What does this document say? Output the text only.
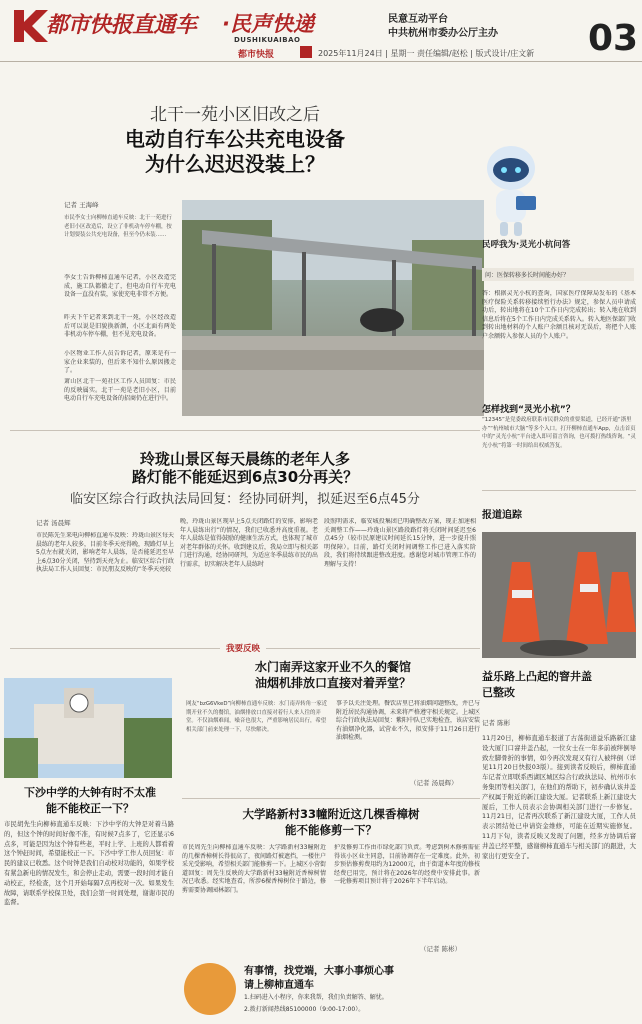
都市快报直通车 ·民声快递	民意互动平台
中共杭州市委办公厅主办
DUSHIKUAIBAO
都市快报	2025年11月24日 | 星期一 责任编辑/赵松 | 版式设计/庄文新 03
北干一苑小区旧改之后
电动自行车公共充电设备
为什么迟迟没装上？
记者 王海峰
市民李女士向柳柿直通车反映：北干一苑进行老旧小区改造后，设立了非机动车停车棚，按计划要装公共充电设备，但至今仍未装……
李女士告诉柳柿直通车记者，小区改造完成，施工队都撤走了，但电动自行车充电设备一直没有装，家使充电非常不方便。
昨天下午记者来到北干一苑，小区经改造后可以说是旧貌换新颜，小区北面有两处非机动车停车棚，但不见充电设备。
小区物业工作人员告诉记者，原来是有一家企业来装的，但后来不知什么原因搬走了。
萧山区北干一苑社区工作人员回复：市民的反映属实。北干一苑是老旧小区，目前电动自行车充电设备的招商仍在进行中。
民呼我为·灵光小杭问答
问：医保转移多长时间能办好？
答：根据灵光小杭的查询，国家医疗保障局发布的《基本医疗保险关系转移接续暂行办法》规定，参保人员申请成功后，转出地将在10个工作日内完成转出；转入地在收到信息后将在5个工作日内完成关系转入。转入地医保部门收到转出地材料的个人账户余额且核对无误后，将把个人账户余额转入参保人员的个人账户。
怎样找到“灵光小杭”？
“12345”是党委政府联系市民群众的重要渠道，已经开通“浙里办”“杭州城市大脑”等多个入口。打开柳柿直通车App，点击首页中的“灵光小杭”平台进入即可留言咨询，也可拨打热线咨询。“灵光小杭”将第一时间给出权威答复。
报道追踪
益乐路上凸起的窨井盖
已整改
记者 陈彬
11月20日，柳柿直通车报道了古荡街道益乐路新江建设大厦门口窨井盖凸起，一位女士在一年多前被绊倒导致左脚骨折的事情，如今再次发现又有行人被绊倒（详见11月20日快报03版）。接到读者反映后，柳柿直通车记者立即联系西湖区城区综合行政执法局、杭州市水务集团等相关部门，在他们的帮助下，初步确认该井盖产权属于附近的新江建设大厦。记者联系上新江建设大厦后，工作人员表示会协调相关部门进行一步修复。11月21日，记者再次联系了新江建设大厦，工作人员表示团结处已申请资金维修，可能在近期实施修复。11月下旬，读者反映又发现了问题，经多方协调后窨井盖已经平整，感谢柳柿直通车与相关部门的跟进，大家出行更安全了。
玲珑山景区每天晨练的老年人多
路灯能不能延迟到6点30分再关？
临安区综合行政执法局回复：经协同研判，拟延迟至6点45分
记者 汤晨辉
市民陈先生来电向柳柿直通车反映：玲珑山景区每天晨练的老年人较多，目前冬季天亮得晚，现路灯早上5点左右就关闭，影响老年人晨练，是否能延迟至早上6点30分关闭，坚持到天亮为止。临安区综合行政执法局工作人员回复：市民朋友反映的“冬季天亮较
晚，玲珑山景区现早上5点关闭路灯的安排，影响老年人晨练出行”的情况，我们已收悉并高度重视。老年人晨练是值得鼓励的健康生活方式，也体现了城市对老年群体的关怀。收到建议后，我局立即与相关部门进行沟通，经协同研判，为适应冬季晨练市民的出行需求，切实解决老年人晨练时
段照明需求，临安城投集团已明确整改方案，现正加速相关调整工作——玲珑山景区路段路灯将关闭时间延迟至6点45分（较市民原建议时间延长15分钟，进一步提升照明保障）。目前，路灯关闭时间调整工作已进入落实阶段，我们将持续跟进整改进度。感谢您对城市管理工作的理解与支持！
我要反映
水门南弄这家开业不久的餐馆
油烟机排放口直接对着弄堂？
网友“bzG6VkeD”向柳柿直通车反映：水门南弄转角一家近期开业不久的餐馆，油烟排放口直接对着行人来人往的弄堂。不仅油烟难闻，噪音也很大，严重影响居民出行，希望相关部门前来处理一下，尽快解决。
事予以关注处理。餐饮店里已将油烟问题整改，并已与附近居民沟通协调，未来将严格遵守相关规定。上城区综合行政执法局回复：紫阳中队已实地检查，该店安装有油烟净化器，试营业不久，拟安排于11月26日进行油烟检测。
（记者 汤晨辉）
下沙中学的大钟有时不太准
能不能校正一下？
市民胡先生向柳柿直通车反映：下沙中学的大钟是对着马路的，但这个钟的时间好像不准，有时候7点多了，它还显示6点多，可能是因为这个钟有些老，平时上学、上班的人都看着这个钟赶时间，希望能校正一下。下沙中学工作人员回复：市民的建议已收悉。这个时钟是我们自动校对功能的，如果学校有紧急新电的情况发生，和会停止走动，需要一段时间才能自动校正，经检查，这个月开始每隔7点再校对一次。如果发生故障，请联系学校保卫处，我们会第一时间处理，谢谢市民的监督。
大学路新村33幢附近这几棵香樟树
能不能修剪一下？
市民周先生向柳柿直通车反映：大学路新村33幢附近的几棵香樟树长得很高了，夜间路灯被遮挡，一楼住户采光受影响，希望相关部门能修剪一下。上城区小营街道回复：周先生反映的大学路新村33幢附近香樟树情况已收悉。经实地查看，所涉6棵香樟树位于路边，修剪需要协调园林部门。
护及修剪工作由市绿化部门负责。考虑到树木修剪需征得该小区业主同意，目前协调存在一定难度。此外，初步预估修剪费用约为12000元，由于街道本年度的修枝经费已用完，预计将在2026年的经费中安排此事。新一轮修剪项目预计将于2026年下半年启动。
（记者 陈彬）
有事情，找党端，大事小事烦心事
请上柳柿直通车
1.扫码进入小程序，你来我帮，我们负责解答、解忧。
2.拨打新闻热线85100000（9:00-17:00）。
